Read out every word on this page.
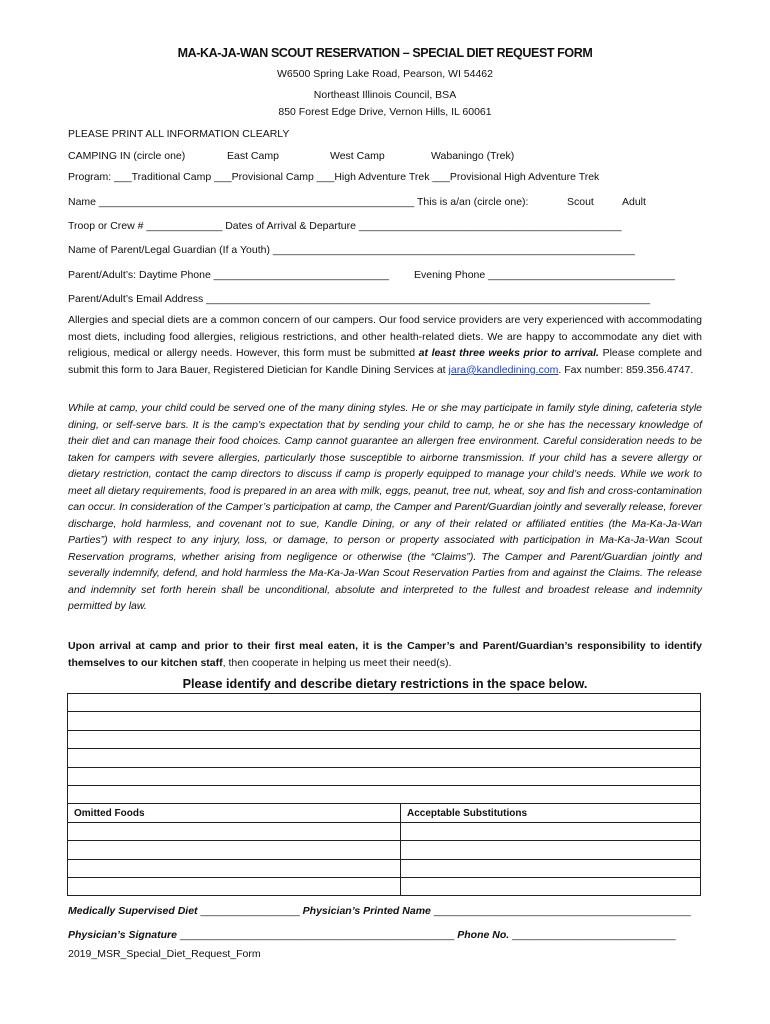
MA-KA-JA-WAN SCOUT RESERVATION – SPECIAL DIET REQUEST FORM
W6500 Spring Lake Road, Pearson, WI 54462
Northeast Illinois Council, BSA
850 Forest Edge Drive, Vernon Hills, IL 60061
PLEASE PRINT ALL INFORMATION CLEARLY
CAMPING IN (circle one)	East Camp	West Camp	Wabaningo (Trek)
Program: ___Traditional Camp ___Provisional Camp ___High Adventure Trek ___Provisional High Adventure Trek
Name ______________________________________________________ This is a/an (circle one):	Scout	Adult
Troop or Crew # _____________ Dates of Arrival & Departure _____________________________________________
Name of Parent/Legal Guardian (If a Youth) ______________________________________________________________
Parent/Adult’s: Daytime Phone ______________________________ Evening Phone ________________________________
Parent/Adult’s Email Address ____________________________________________________________________________
Allergies and special diets are a common concern of our campers. Our food service providers are very experienced with accommodating most diets, including food allergies, religious restrictions, and other health-related diets. We are happy to accommodate any diet with religious, medical or allergy needs. However, this form must be submitted at least three weeks prior to arrival. Please complete and submit this form to Jara Bauer, Registered Dietician for Kandle Dining Services at jara@kandledining.com. Fax number: 859.356.4747.
While at camp, your child could be served one of the many dining styles. He or she may participate in family style dining, cafeteria style dining, or self-serve bars. It is the camp’s expectation that by sending your child to camp, he or she has the necessary knowledge of their diet and can manage their food choices. Camp cannot guarantee an allergen free environment. Careful consideration needs to be taken for campers with severe allergies, particularly those susceptible to airborne transmission. If your child has a severe allergy or dietary restriction, contact the camp directors to discuss if camp is properly equipped to manage your child’s needs. While we work to meet all dietary requirements, food is prepared in an area with milk, eggs, peanut, tree nut, wheat, soy and fish and cross-contamination can occur. In consideration of the Camper’s participation at camp, the Camper and Parent/Guardian jointly and severally release, forever discharge, hold harmless, and covenant not to sue, Kandle Dining, or any of their related or affiliated entities (the Ma-Ka-Ja-Wan Parties”) with respect to any injury, loss, or damage, to person or property associated with participation in Ma-Ka-Ja-Wan Scout Reservation programs, whether arising from negligence or otherwise (the “Claims”). The Camper and Parent/Guardian jointly and severally indemnify, defend, and hold harmless the Ma-Ka-Ja-Wan Scout Reservation Parties from and against the Claims. The release and indemnity set forth herein shall be unconditional, absolute and interpreted to the fullest and broadest release and indemnity permitted by law.
Upon arrival at camp and prior to their first meal eaten, it is the Camper’s and Parent/Guardian’s responsibility to identify themselves to our kitchen staff, then cooperate in helping us meet their need(s).
Please identify and describe dietary restrictions in the space below.

Omitted Foods	Acceptable Substitutions

Medically Supervised Diet _________________ Physician’s Printed Name ____________________________________________
Physician’s Signature _______________________________________________ Phone No. ____________________________
2019_MSR_Special_Diet_Request_Form
